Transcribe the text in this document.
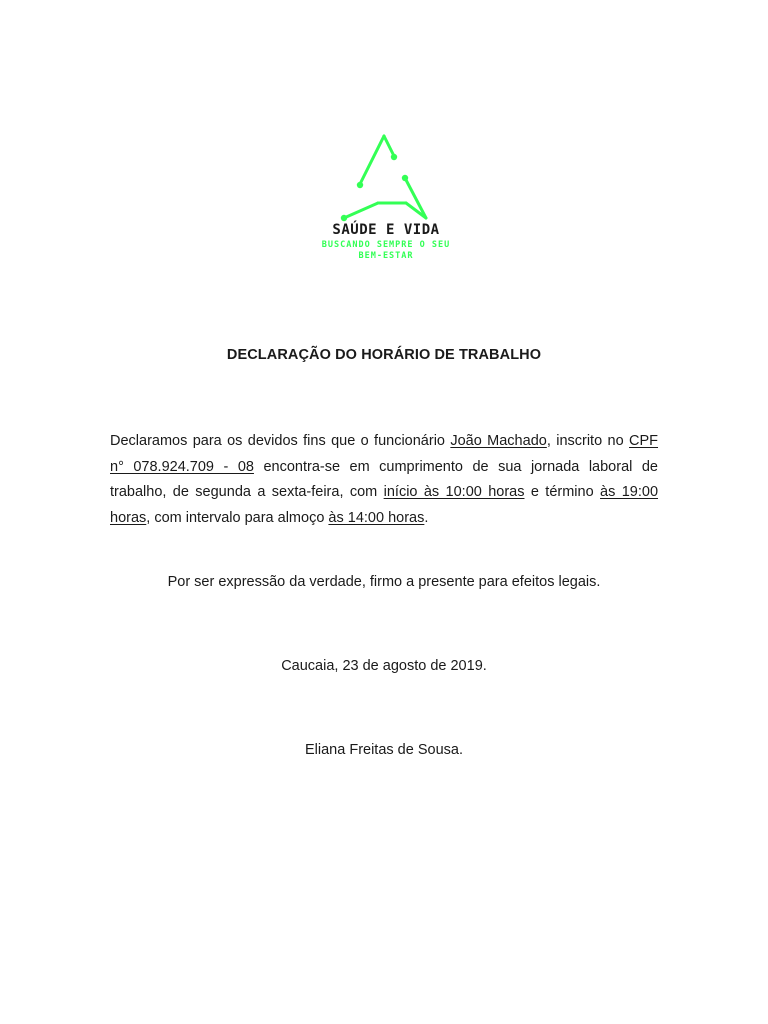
SAÚDE E VIDA
BUSCANDO SEMPRE O SEU
BEM-ESTAR
DECLARAÇÃO DO HORÁRIO DE TRABALHO
Declaramos para os devidos fins que o funcionário João Machado, inscrito no CPF n° 078.924.709 - 08 encontra-se em cumprimento de sua jornada laboral de trabalho, de segunda a sexta-feira, com início às 10:00 horas e término às 19:00 horas, com intervalo para almoço às 14:00 horas.
Por ser expressão da verdade, firmo a presente para efeitos legais.
Caucaia, 23 de agosto de 2019.
Eliana Freitas de Sousa.
